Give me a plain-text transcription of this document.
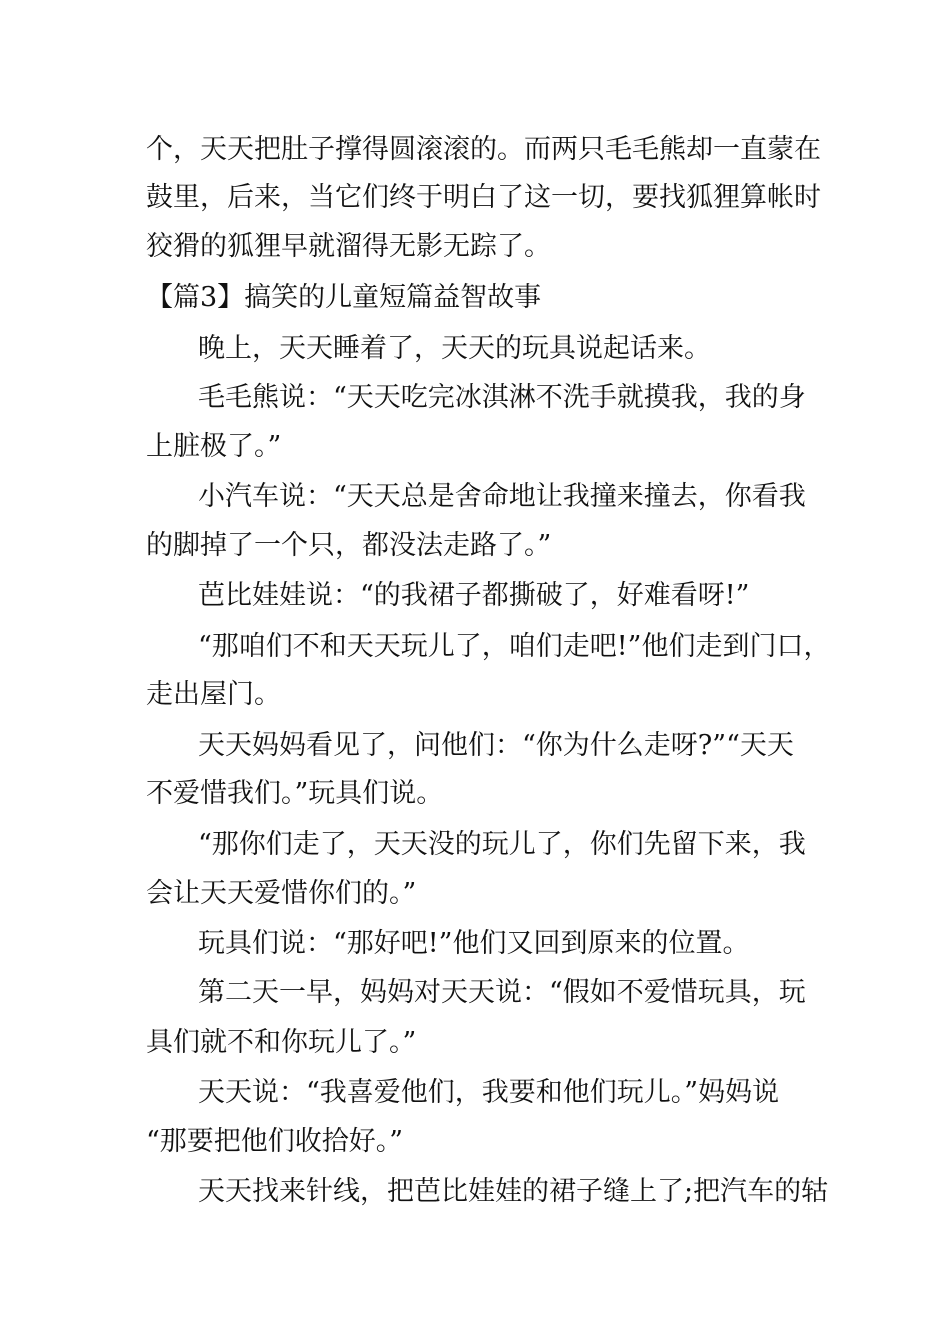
个，天天把肚子撑得圆滚滚的。而两只毛毛熊却一直蒙在
鼓里，后来，当它们终于明白了这一切，要找狐狸算帐时
狡猾的狐狸早就溜得无影无踪了。
【篇3】搞笑的儿童短篇益智故事
晚上，天天睡着了，天天的玩具说起话来。
毛毛熊说：“天天吃完冰淇淋不洗手就摸我，我的身
上脏极了。”
小汽车说：“天天总是舍命地让我撞来撞去，你看我
的脚掉了一个只，都没法走路了。”
芭比娃娃说：“的我裙子都撕破了，好难看呀!”
“那咱们不和天天玩儿了，咱们走吧!”他们走到门口，
走出屋门。
天天妈妈看见了，问他们：“你为什么走呀?”“天天
不爱惜我们。”玩具们说。
“那你们走了，天天没的玩儿了，你们先留下来，我
会让天天爱惜你们的。”
玩具们说：“那好吧!”他们又回到原来的位置。
第二天一早，妈妈对天天说：“假如不爱惜玩具，玩
具们就不和你玩儿了。”
天天说：“我喜爱他们，我要和他们玩儿。”妈妈说
“那要把他们收拾好。”
天天找来针线，把芭比娃娃的裙子缝上了;把汽车的轱
